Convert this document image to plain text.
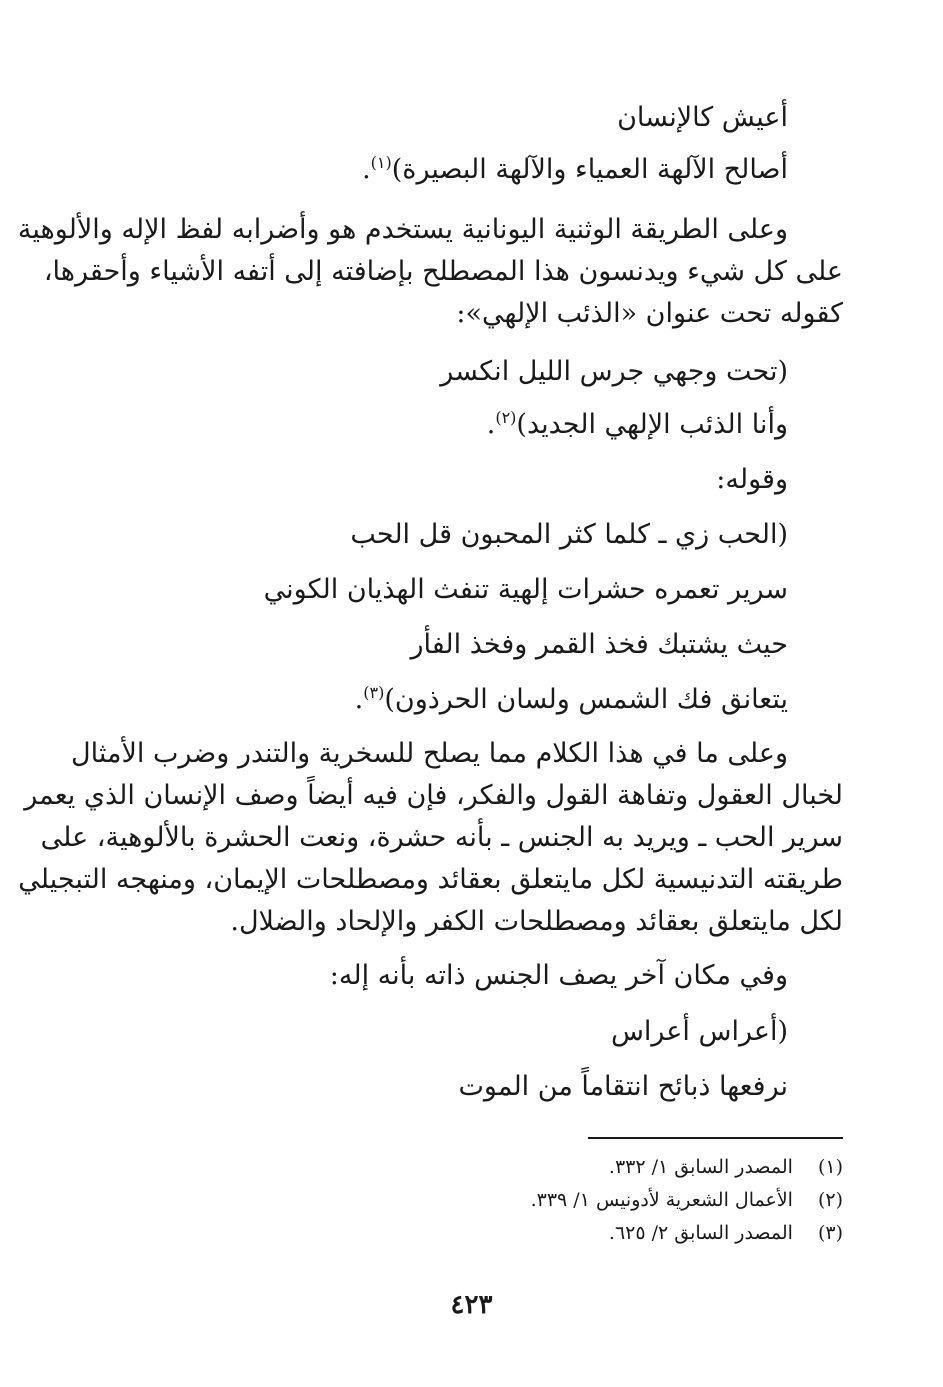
أعيش كالإنسان
أصالح الآلهة العمياء والآلهة البصيرة)$^{(١)}$.
وعلى الطريقة الوثنية اليونانية يستخدم هو وأضرابه لفظ الإله والألوهية
على كل شيء ويدنسون هذا المصطلح بإضافته إلى أتفه الأشياء وأحقرها،
كقوله تحت عنوان «الذئب الإلهي»:
(تحت وجهي جرس الليل انكسر
وأنا الذئب الإلهي الجديد)$^{(٢)}$.
وقوله:
(الحب زي ـ كلما كثر المحبون قل الحب
سرير تعمره حشرات إلهية تنفث الهذيان الكوني
حيث يشتبك فخذ القمر وفخذ الفأر
يتعانق فك الشمس ولسان الحرذون)$^{(٣)}$.
وعلى ما في هذا الكلام مما يصلح للسخرية والتندر وضرب الأمثال
لخبال العقول وتفاهة القول والفكر، فإن فيه أيضاً وصف الإنسان الذي يعمر
سرير الحب ـ ويريد به الجنس ـ بأنه حشرة، ونعت الحشرة بالألوهية، على
طريقته التدنيسية لكل مايتعلق بعقائد ومصطلحات الإيمان، ومنهجه التبجيلي
لكل مايتعلق بعقائد ومصطلحات الكفر والإلحاد والضلال.
وفي مكان آخر يصف الجنس ذاته بأنه إله:
(أعراس أعراس
نرفعها ذبائح انتقاماً من الموت
(١) المصدر السابق ١/ ٣٣٢.
(٢) الأعمال الشعرية لأدونيس ١/ ٣٣٩.
(٣) المصدر السابق ٢/ ٦٢٥.
٤٢٣
